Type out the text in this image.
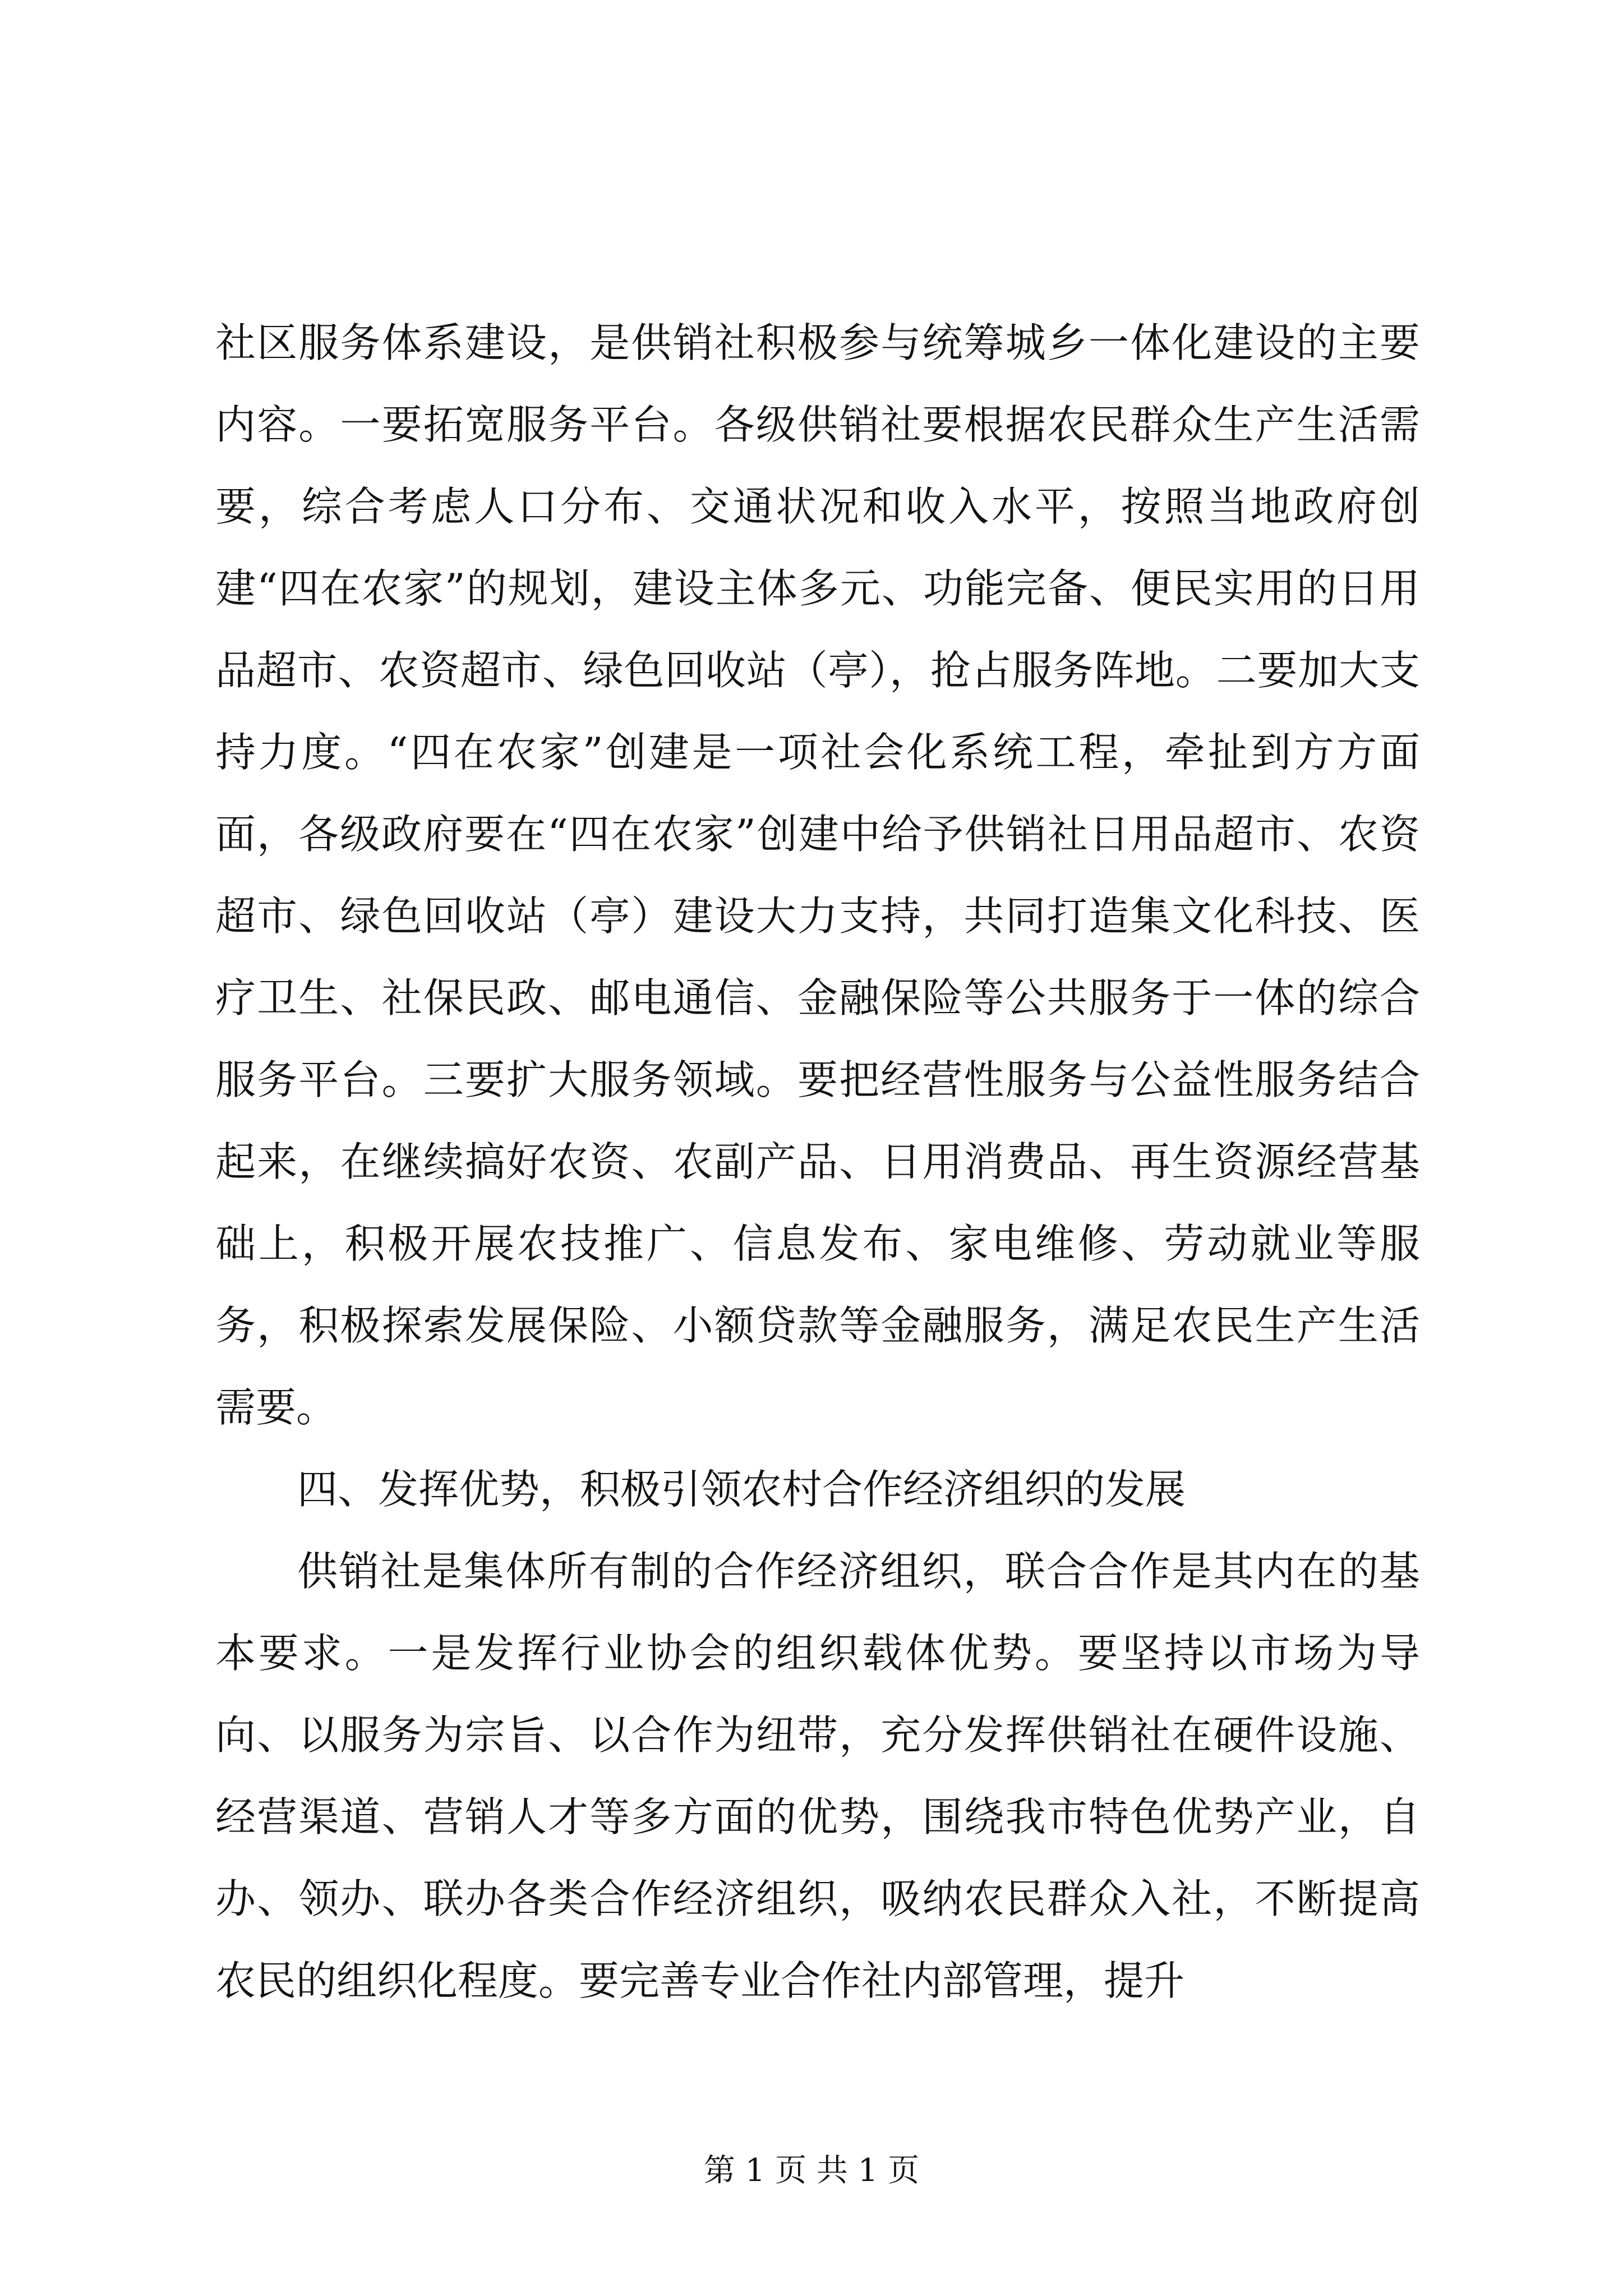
社区服务体系建设，是供销社积极参与统筹城乡一体化建设的主要内容。一要拓宽服务平台。各级供销社要根据农民群众生产生活需要，综合考虑人口分布、交通状况和收入水平，按照当地政府创建“四在农家”的规划，建设主体多元、功能完备、便民实用的日用品超市、农资超市、绿色回收站（亭），抢占服务阵地。二要加大支持力度。“四在农家”创建是一项社会化系统工程，牵扯到方方面面，各级政府要在“四在农家”创建中给予供销社日用品超市、农资超市、绿色回收站（亭）建设大力支持，共同打造集文化科技、医疗卫生、社保民政、邮电通信、金融保险等公共服务于一体的综合服务平台。三要扩大服务领域。要把经营性服务与公益性服务结合起来，在继续搞好农资、农副产品、日用消费品、再生资源经营基础上，积极开展农技推广、信息发布、家电维修、劳动就业等服务，积极探索发展保险、小额贷款等金融服务，满足农民生产生活需要。

四、发挥优势，积极引领农村合作经济组织的发展

供销社是集体所有制的合作经济组织，联合合作是其内在的基本要求。一是发挥行业协会的组织载体优势。要坚持以市场为导向、以服务为宗旨、以合作为纽带，充分发挥供销社在硬件设施、经营渠道、营销人才等多方面的优势，围绕我市特色优势产业，自办、领办、联办各类合作经济组织，吸纳农民群众入社，不断提高农民的组织化程度。要完善专业合作社内部管理，提升

第 1 页 共 1 页
